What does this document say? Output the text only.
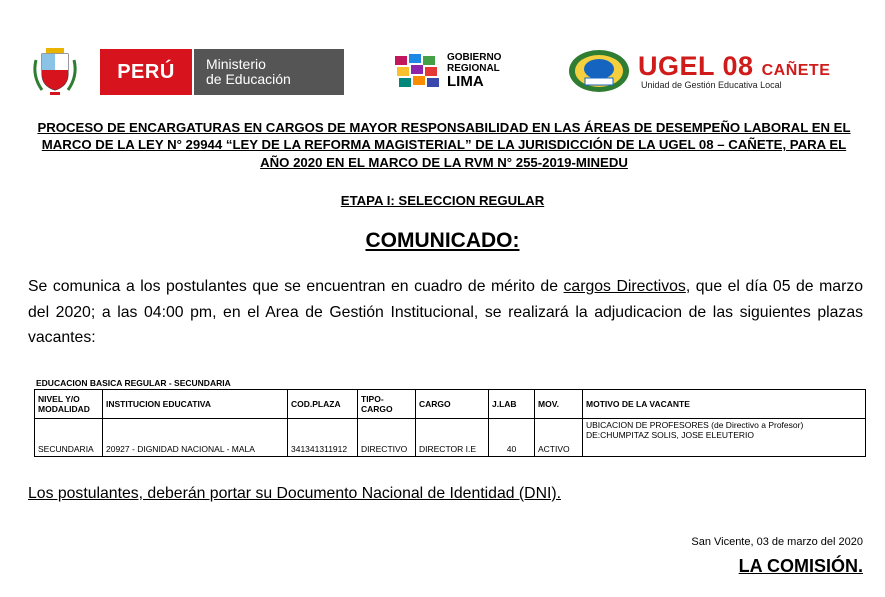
PERÚ Ministerio
de Educación
GOBIERNO
REGIONAL
LIMA
UGEL 08 CAÑETE
Unidad de Gestión Educativa Local
PROCESO DE ENCARGATURAS EN CARGOS DE MAYOR RESPONSABILIDAD EN LAS ÁREAS DE DESEMPEÑO LABORAL EN EL MARCO DE LA LEY N° 29944 “LEY DE LA REFORMA MAGISTERIAL” DE LA JURISDICCIÓN DE LA UGEL 08 – CAÑETE, PARA EL AÑO 2020 EN EL MARCO DE LA RVM N° 255-2019-MINEDU
ETAPA I: SELECCION REGULAR
COMUNICADO:
Se comunica a los postulantes que se encuentran en cuadro de mérito de cargos Directivos, que el día 05 de marzo del 2020; a las 04:00 pm, en el Area de Gestión Institucional, se realizará la adjudicacion de las siguientes plazas vacantes:
EDUCACION BASICA REGULAR - SECUNDARIA
NIVEL Y/O MODALIDAD	INSTITUCION EDUCATIVA	COD.PLAZA	TIPO-CARGO	CARGO	J.LAB	MOV.	MOTIVO DE LA VACANTE
SECUNDARIA	20927 - DIGNIDAD NACIONAL - MALA	341341311912	DIRECTIVO	DIRECTOR I.E	40	ACTIVO	UBICACION DE PROFESORES (de Directivo a Profesor)
DE:CHUMPITAZ SOLIS, JOSE ELEUTERIO
Los postulantes, deberán portar su Documento Nacional de Identidad (DNI).
San Vicente, 03 de marzo del 2020
LA COMISIÓN.
